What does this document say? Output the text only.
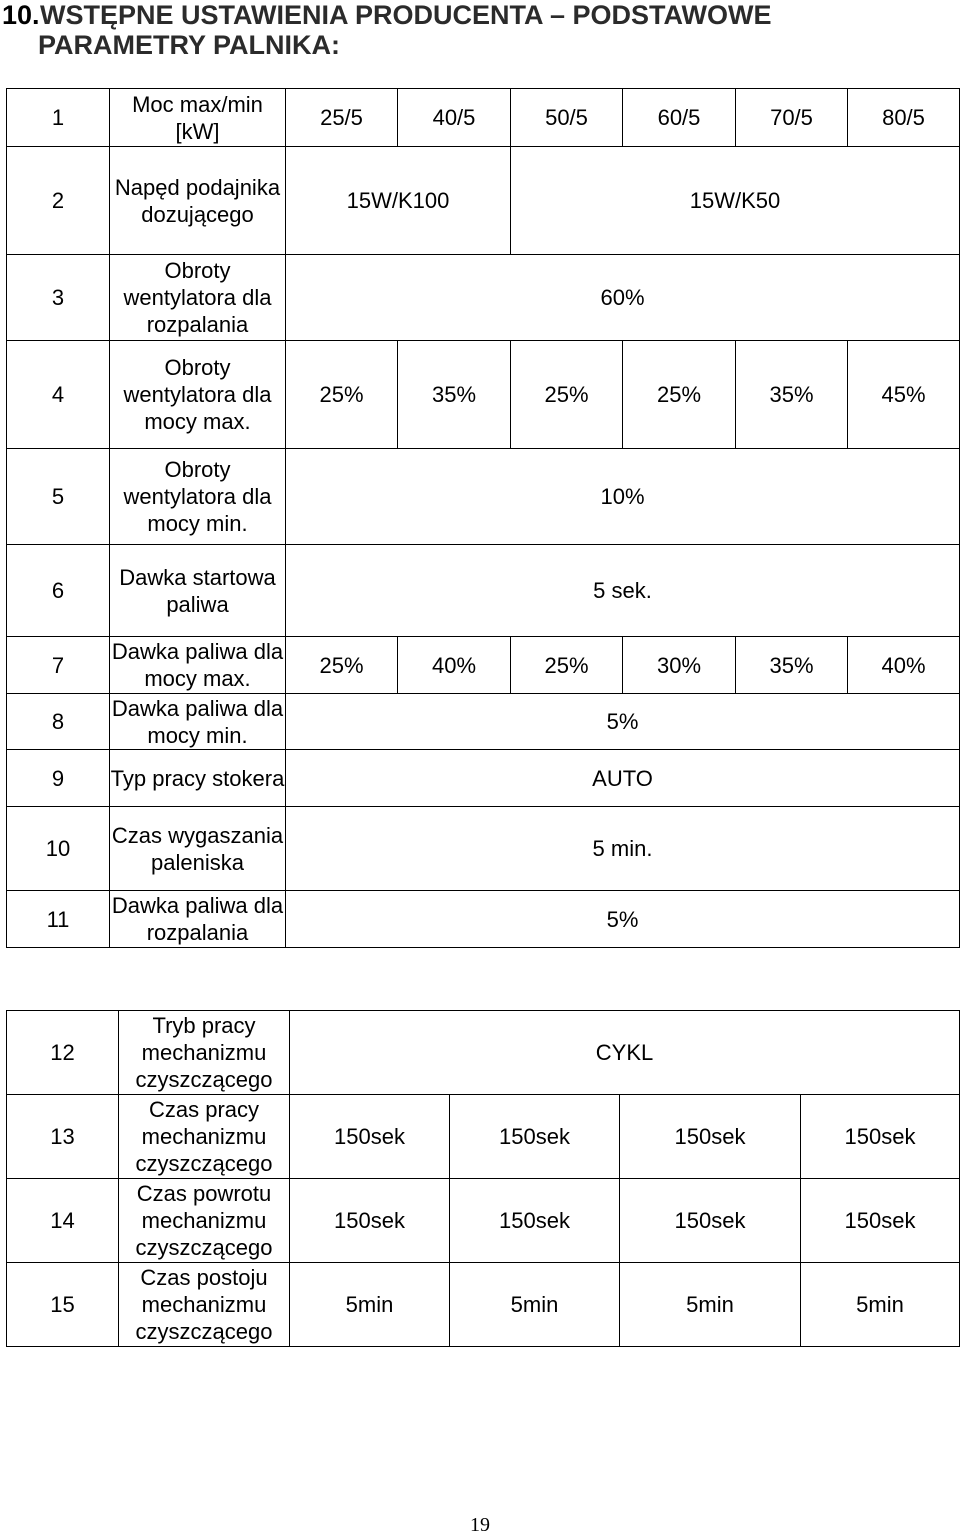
10.WSTĘPNE USTAWIENIA PRODUCENTA – PODSTAWOWE
PARAMETRY PALNIKA:
1	Moc max/min [kW]	25/5	40/5	50/5	60/5	70/5	80/5
2	Napęd podajnika dozującego	15W/K100		15W/K50			
3	Obroty wentylatora dla rozpalania	60%					
4	Obroty wentylatora dla mocy max.	25%	35%	25%	25%	35%	45%
5	Obroty wentylatora dla mocy min.	10%					
6	Dawka startowa paliwa	5 sek.					
7	Dawka paliwa dla mocy max.	25%	40%	25%	30%	35%	40%
8	Dawka paliwa dla mocy min.	5%					
9	Typ pracy stokera	AUTO					
10	Czas wygaszania paleniska	5 min.					
11	Dawka paliwa dla rozpalania	5%					
12	Tryb pracy mechanizmu czyszczącego	CYKL			
13	Czas pracy mechanizmu czyszczącego	150sek	150sek	150sek	150sek
14	Czas powrotu mechanizmu czyszczącego	150sek	150sek	150sek	150sek
15	Czas postoju mechanizmu czyszczącego	5min	5min	5min	5min
19
